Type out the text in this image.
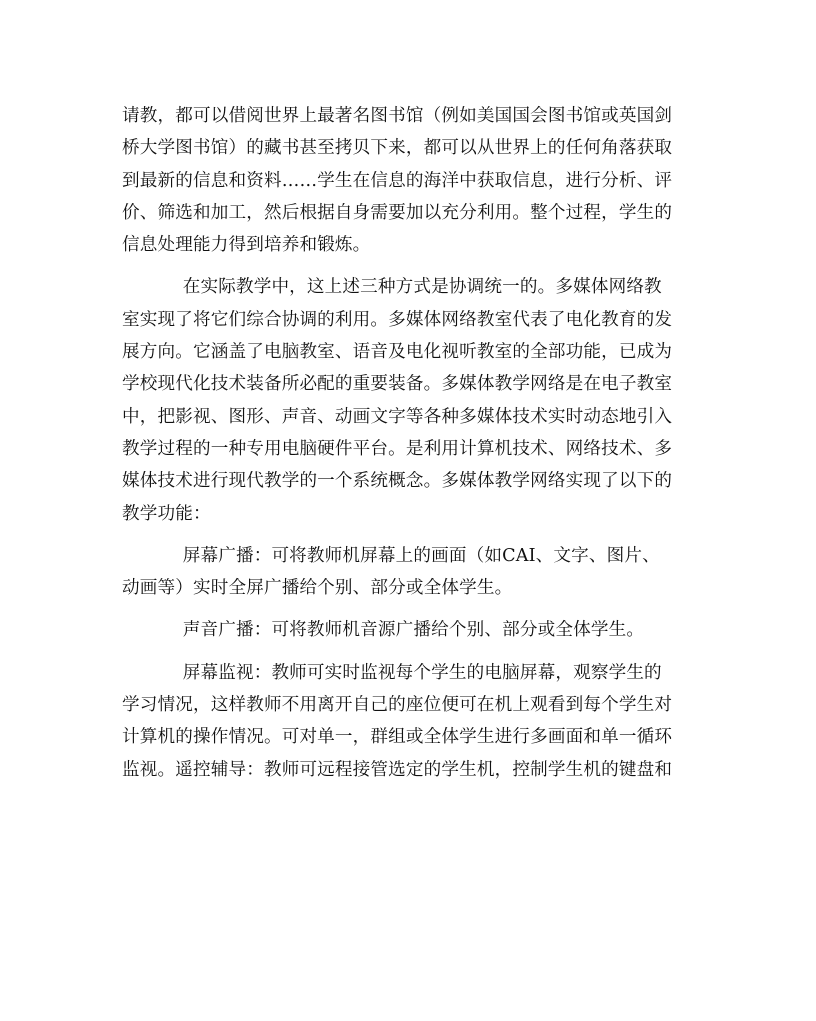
请教，都可以借阅世界上最著名图书馆（例如美国国会图书馆或英国剑
桥大学图书馆）的藏书甚至拷贝下来，都可以从世界上的任何角落获取
到最新的信息和资料……学生在信息的海洋中获取信息，进行分析、评
价、筛选和加工，然后根据自身需要加以充分利用。整个过程，学生的
信息处理能力得到培养和锻炼。

在实际教学中，这上述三种方式是协调统一的。多媒体网络教
室实现了将它们综合协调的利用。多媒体网络教室代表了电化教育的发
展方向。它涵盖了电脑教室、语音及电化视听教室的全部功能，已成为
学校现代化技术装备所必配的重要装备。多媒体教学网络是在电子教室
中，把影视、图形、声音、动画文字等各种多媒体技术实时动态地引入
教学过程的一种专用电脑硬件平台。是利用计算机技术、网络技术、多
媒体技术进行现代教学的一个系统概念。多媒体教学网络实现了以下的
教学功能：

屏幕广播：可将教师机屏幕上的画面（如CAI、文字、图片、
动画等）实时全屏广播给个别、部分或全体学生。

声音广播：可将教师机音源广播给个别、部分或全体学生。

屏幕监视：教师可实时监视每个学生的电脑屏幕，观察学生的
学习情况，这样教师不用离开自己的座位便可在机上观看到每个学生对
计算机的操作情况。可对单一，群组或全体学生进行多画面和单一循环
监视。遥控辅导：教师可远程接管选定的学生机，控制学生机的键盘和
